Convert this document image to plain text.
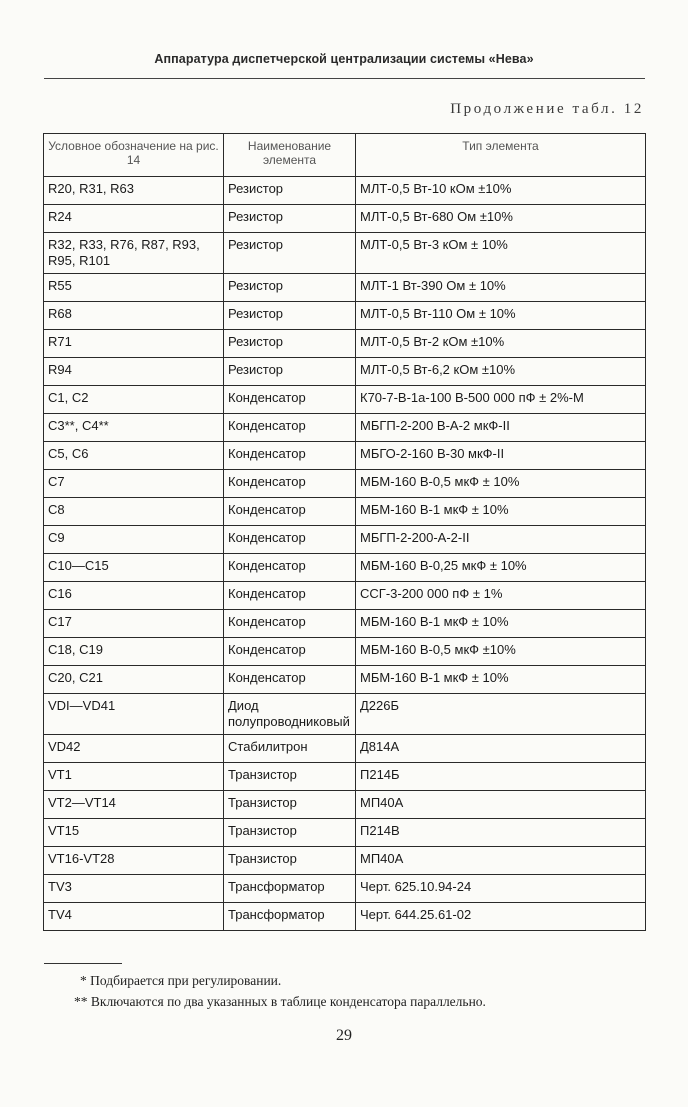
Аппаратура диспетчерской централизации системы «Нева»
Продолжение табл. 12
Условное обозначение на рис. 14	Наименование элемента	Тип элемента
R20, R31, R63	Резистор	МЛТ-0,5 Вт-10 кОм ±10%
R24	Резистор	МЛТ-0,5 Вт-680 Ом ±10%
R32, R33, R76, R87, R93, R95, R101	Резистор	МЛТ-0,5 Вт-3 кОм ± 10%
R55	Резистор	МЛТ-1 Вт-390 Ом ± 10%
R68	Резистор	МЛТ-0,5 Вт-110 Ом ± 10%
R71	Резистор	МЛТ-0,5 Вт-2 кОм ±10%
R94	Резистор	МЛТ-0,5 Вт-6,2 кОм ±10%
C1, C2	Конденсатор	К70-7-В-1а-100 В-500 000 пФ ± 2%-М
C3**, C4**	Конденсатор	МБГП-2-200 В-А-2 мкФ-II
C5, C6	Конденсатор	МБГО-2-160 В-30 мкФ-II
C7	Конденсатор	МБМ-160 В-0,5 мкФ ± 10%
C8	Конденсатор	МБМ-160 В-1 мкФ ± 10%
C9	Конденсатор	МБГП-2-200-А-2-II
C10—C15	Конденсатор	МБМ-160 В-0,25 мкФ ± 10%
C16	Конденсатор	ССГ-3-200 000 пФ ± 1%
C17	Конденсатор	МБМ-160 В-1 мкФ ± 10%
C18, C19	Конденсатор	МБМ-160 В-0,5 мкФ ±10%
C20, C21	Конденсатор	МБМ-160 В-1 мкФ ± 10%
VDI—VD41	Диод полупроводниковый	Д226Б
VD42	Стабилитрон	Д814А
VT1	Транзистор	П214Б
VT2—VT14	Транзистор	МП40А
VT15	Транзистор	П214В
VT16-VT28	Транзистор	МП40А
TV3	Трансформатор	Черт. 625.10.94-24
TV4	Трансформатор	Черт. 644.25.61-02
* Подбирается при регулировании.
** Включаются по два указанных в таблице конденсатора параллельно.
29
